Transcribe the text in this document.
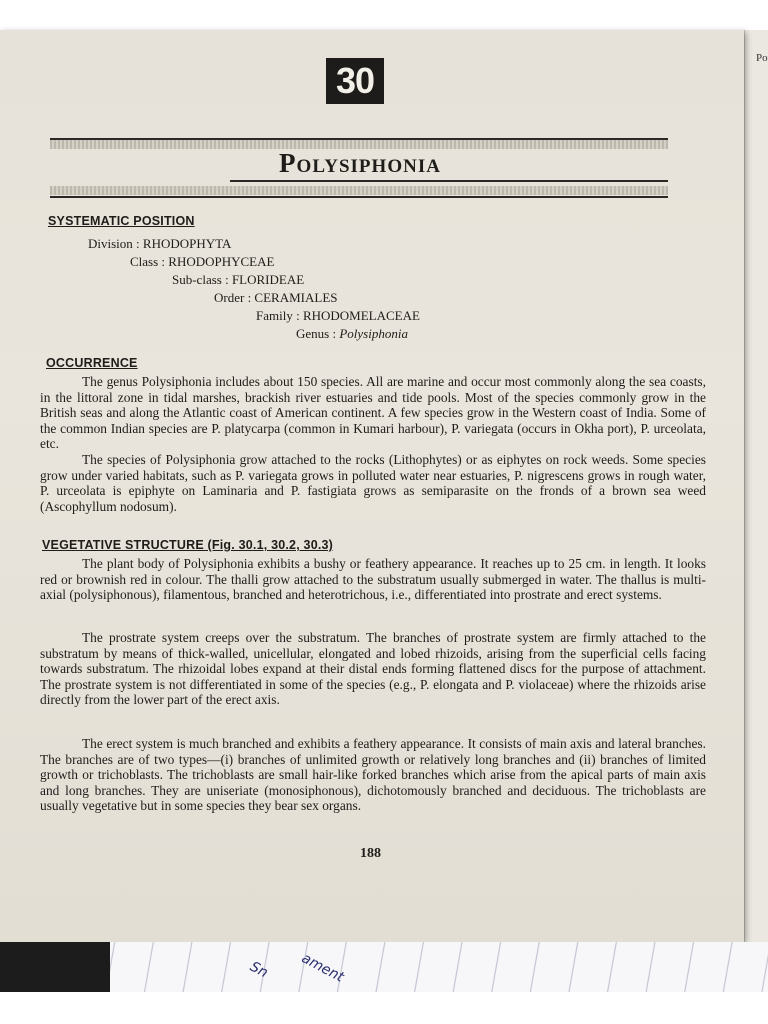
Po
30
Polysiphonia
SYSTEMATIC POSITION
Division : RHODOPHYTA
Class : RHODOPHYCEAE
Sub-class : FLORIDEAE
Order : CERAMIALES
Family : RHODOMELACEAE
Genus : Polysiphonia
OCCURRENCE
The genus Polysiphonia includes about 150 species. All are marine and occur most commonly along the sea coasts, in the littoral zone in tidal marshes, brackish river estuaries and tide pools. Most of the species commonly grow in the British seas and along the Atlantic coast of American continent. A few species grow in the Western coast of India. Some of the common Indian species are P. platycarpa (common in Kumari harbour), P. variegata (occurs in Okha port), P. urceolata, etc.
The species of Polysiphonia grow attached to the rocks (Lithophytes) or as eiphytes on rock weeds. Some species grow under varied habitats, such as P. variegata grows in polluted water near estuaries, P. nigrescens grows in rough water, P. urceolata is epiphyte on Laminaria and P. fastigiata grows as semiparasite on the fronds of a brown sea weed (Ascophyllum nodosum).
VEGETATIVE STRUCTURE (Fig. 30.1, 30.2, 30.3)
The plant body of Polysiphonia exhibits a bushy or feathery appearance. It reaches up to 25 cm. in length. It looks red or brownish red in colour. The thalli grow attached to the substratum usually submerged in water. The thallus is multi-axial (polysiphonous), filamentous, branched and heterotrichous, i.e., differentiated into prostrate and erect systems.
The prostrate system creeps over the substratum. The branches of prostrate system are firmly attached to the substratum by means of thick-walled, unicellular, elongated and lobed rhizoids, arising from the superficial cells facing towards substratum. The rhizoidal lobes expand at their distal ends forming flattened discs for the purpose of attachment. The prostrate system is not differentiated in some of the species (e.g., P. elongata and P. violaceae) where the rhizoids arise directly from the lower part of the erect axis.
The erect system is much branched and exhibits a feathery appearance. It consists of main axis and lateral branches. The branches are of two types—(i) branches of unlimited growth or relatively long branches and (ii) branches of limited growth or trichoblasts. The trichoblasts are small hair-like forked branches which arise from the apical parts of main axis and long branches. They are uniseriate (monosiphonous), dichotomously branched and deciduous. The trichoblasts are usually vegetative but in some species they bear sex organs.
188
ament
Sn
